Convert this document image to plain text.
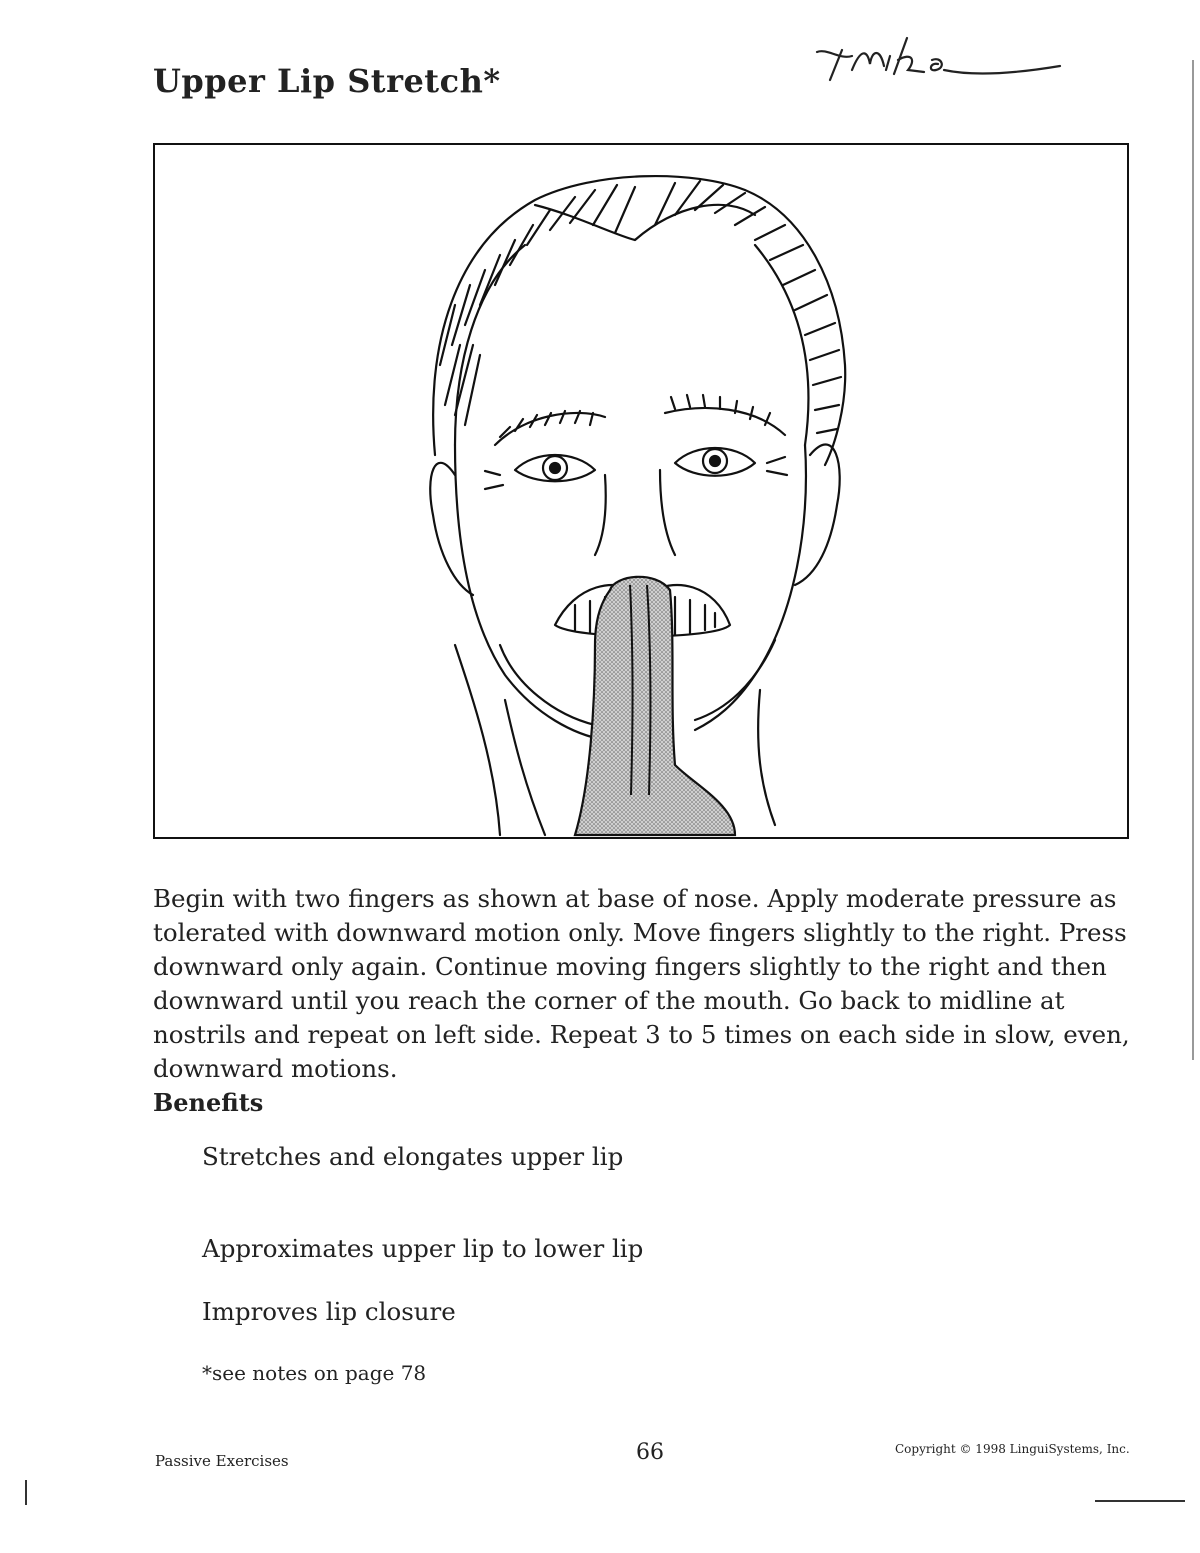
Upper Lip Stretch*
Begin with two fingers as shown at base of nose. Apply moderate pressure as tolerated with downward motion only. Move fingers slightly to the right. Press downward only again. Continue moving fingers slightly to the right and then downward until you reach the corner of the mouth. Go back to midline at nostrils and repeat on left side. Repeat 3 to 5 times on each side in slow, even, downward motions.
Benefits
Stretches and elongates upper lip
Approximates upper lip to lower lip
Improves lip closure
*see notes on page 78
Passive Exercises	66	Copyright © 1998 LinguiSystems, Inc.
